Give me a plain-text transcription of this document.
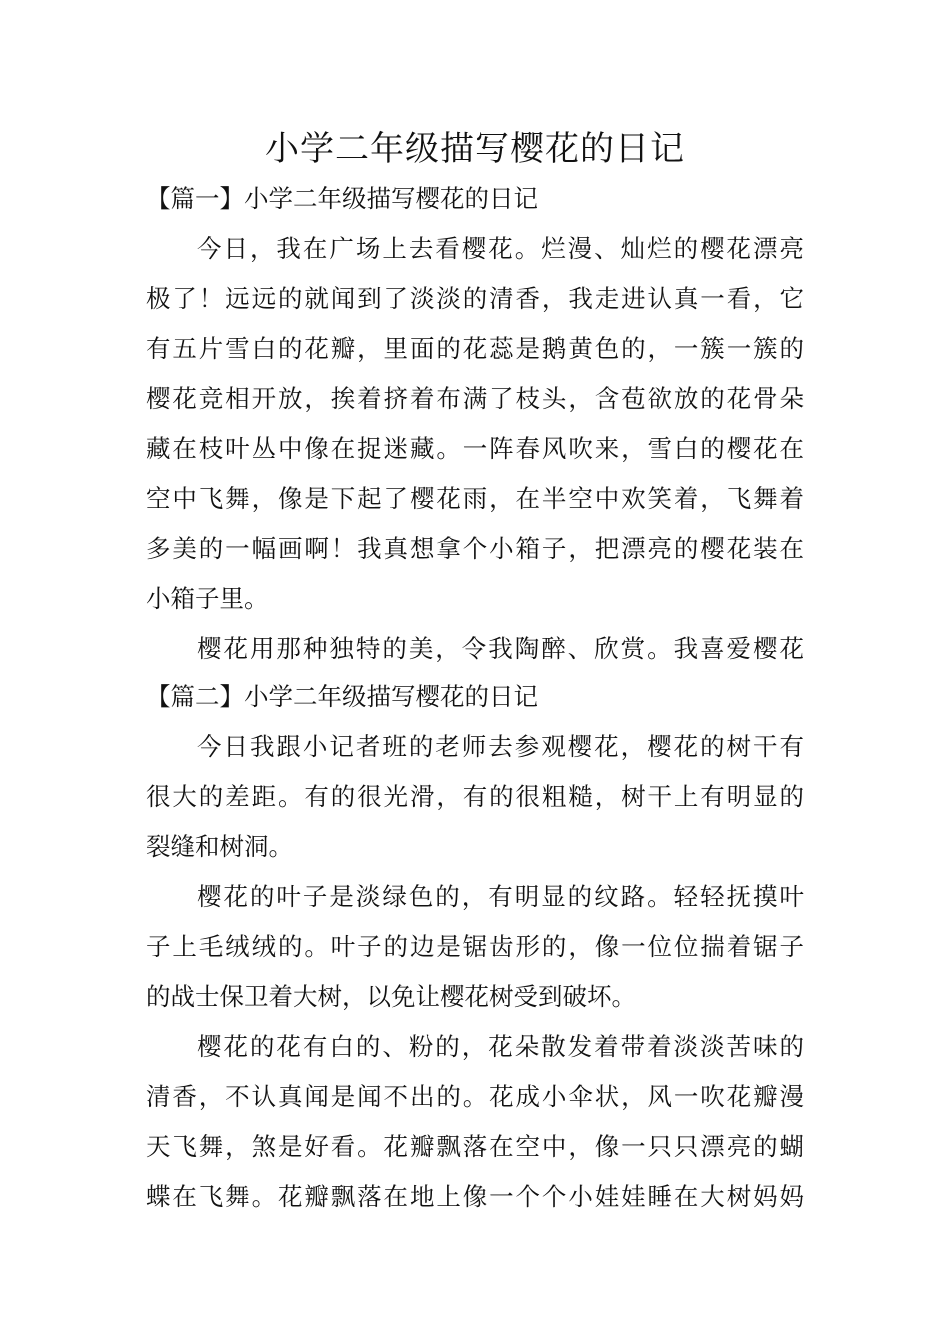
小学二年级描写樱花的日记
【篇一】小学二年级描写樱花的日记
今日，我在广场上去看樱花。烂漫、灿烂的樱花漂亮
极了！远远的就闻到了淡淡的清香，我走进认真一看，它
有五片雪白的花瓣，里面的花蕊是鹅黄色的，一簇一簇的
樱花竞相开放，挨着挤着布满了枝头，含苞欲放的花骨朵
藏在枝叶丛中像在捉迷藏。一阵春风吹来，雪白的樱花在
空中飞舞，像是下起了樱花雨，在半空中欢笑着，飞舞着
多美的一幅画啊！我真想拿个小箱子，把漂亮的樱花装在
小箱子里。
樱花用那种独特的美，令我陶醉、欣赏。我喜爱樱花
【篇二】小学二年级描写樱花的日记
今日我跟小记者班的老师去参观樱花，樱花的树干有
很大的差距。有的很光滑，有的很粗糙，树干上有明显的
裂缝和树洞。
樱花的叶子是淡绿色的，有明显的纹路。轻轻抚摸叶
子上毛绒绒的。叶子的边是锯齿形的，像一位位揣着锯子
的战士保卫着大树，以免让樱花树受到破坏。
樱花的花有白的、粉的，花朵散发着带着淡淡苦味的
清香，不认真闻是闻不出的。花成小伞状，风一吹花瓣漫
天飞舞，煞是好看。花瓣飘落在空中，像一只只漂亮的蝴
蝶在飞舞。花瓣飘落在地上像一个个小娃娃睡在大树妈妈
